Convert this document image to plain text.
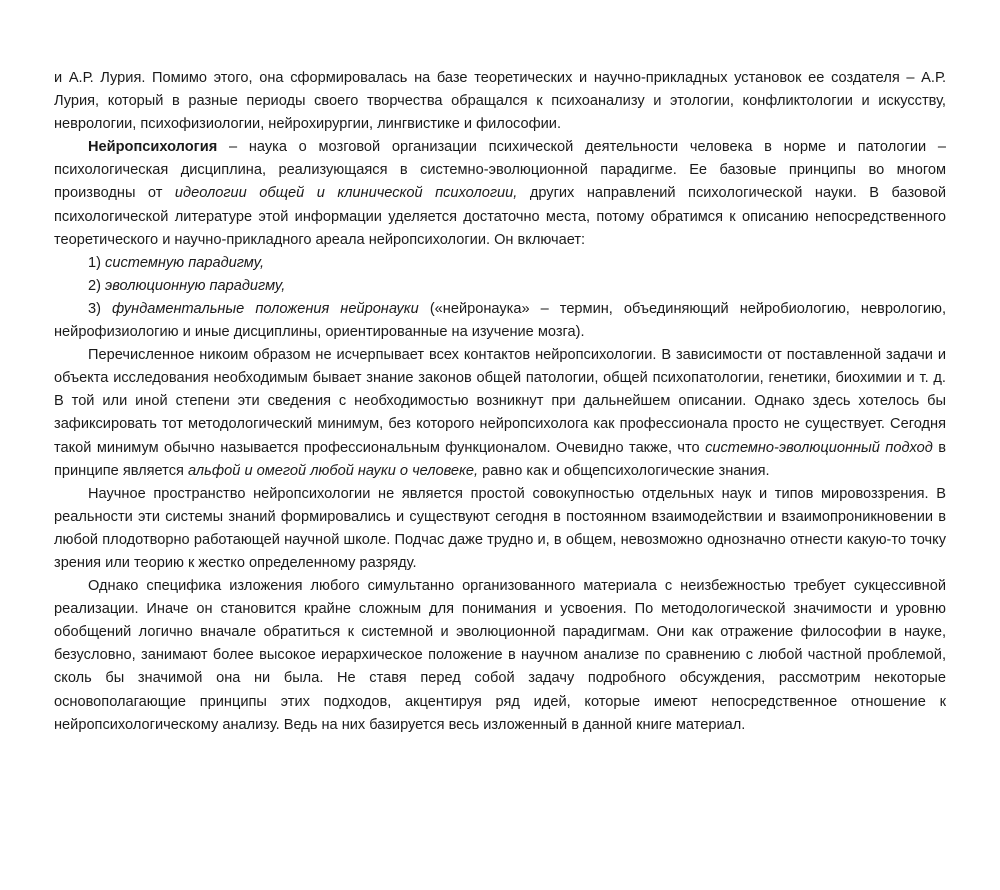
и А.Р. Лурия. Помимо этого, она сформировалась на базе теоретических и научно-прикладных установок ее создателя – А.Р. Лурия, который в разные периоды своего творчества обращался к психоанализу и этологии, конфликтологии и искусству, неврологии, психофизиологии, нейрохирургии, лингвистике и философии.

Нейропсихология – наука о мозговой организации психической деятельности человека в норме и патологии – психологическая дисциплина, реализующаяся в системно-эволюционной парадигме. Ее базовые принципы во многом производны от идеологии общей и клинической психологии, других направлений психологической науки. В базовой психологической литературе этой информации уделяется достаточно места, потому обратимся к описанию непосредственного теоретического и научно-прикладного ареала нейропсихологии. Он включает:

1) системную парадигму,

2) эволюционную парадигму,

3) фундаментальные положения нейронауки («нейронаука» – термин, объединяющий нейробиологию, неврологию, нейрофизиологию и иные дисциплины, ориентированные на изучение мозга).

Перечисленное никоим образом не исчерпывает всех контактов нейропсихологии. В зависимости от поставленной задачи и объекта исследования необходимым бывает знание законов общей патологии, общей психопатологии, генетики, биохимии и т. д. В той или иной степени эти сведения с необходимостью возникнут при дальнейшем описании. Однако здесь хотелось бы зафиксировать тот методологический минимум, без которого нейропсихолога как профессионала просто не существует. Сегодня такой минимум обычно называется профессиональным функционалом. Очевидно также, что системно-эволюционный подход в принципе является альфой и омегой любой науки о человеке, равно как и общепсихологические знания.

Научное пространство нейропсихологии не является простой совокупностью отдельных наук и типов мировоззрения. В реальности эти системы знаний формировались и существуют сегодня в постоянном взаимодействии и взаимопроникновении в любой плодотворно работающей научной школе. Подчас даже трудно и, в общем, невозможно однозначно отнести какую-то точку зрения или теорию к жестко определенному разряду.

Однако специфика изложения любого симультанно организованного материала с неизбежностью требует сукцессивной реализации. Иначе он становится крайне сложным для понимания и усвоения. По методологической значимости и уровню обобщений логично вначале обратиться к системной и эволюционной парадигмам. Они как отражение философии в науке, безусловно, занимают более высокое иерархическое положение в научном анализе по сравнению с любой частной проблемой, сколь бы значимой она ни была. Не ставя перед собой задачу подробного обсуждения, рассмотрим некоторые основополагающие принципы этих подходов, акцентируя ряд идей, которые имеют непосредственное отношение к нейропсихологическому анализу. Ведь на них базируется весь изложенный в данной книге материал.
